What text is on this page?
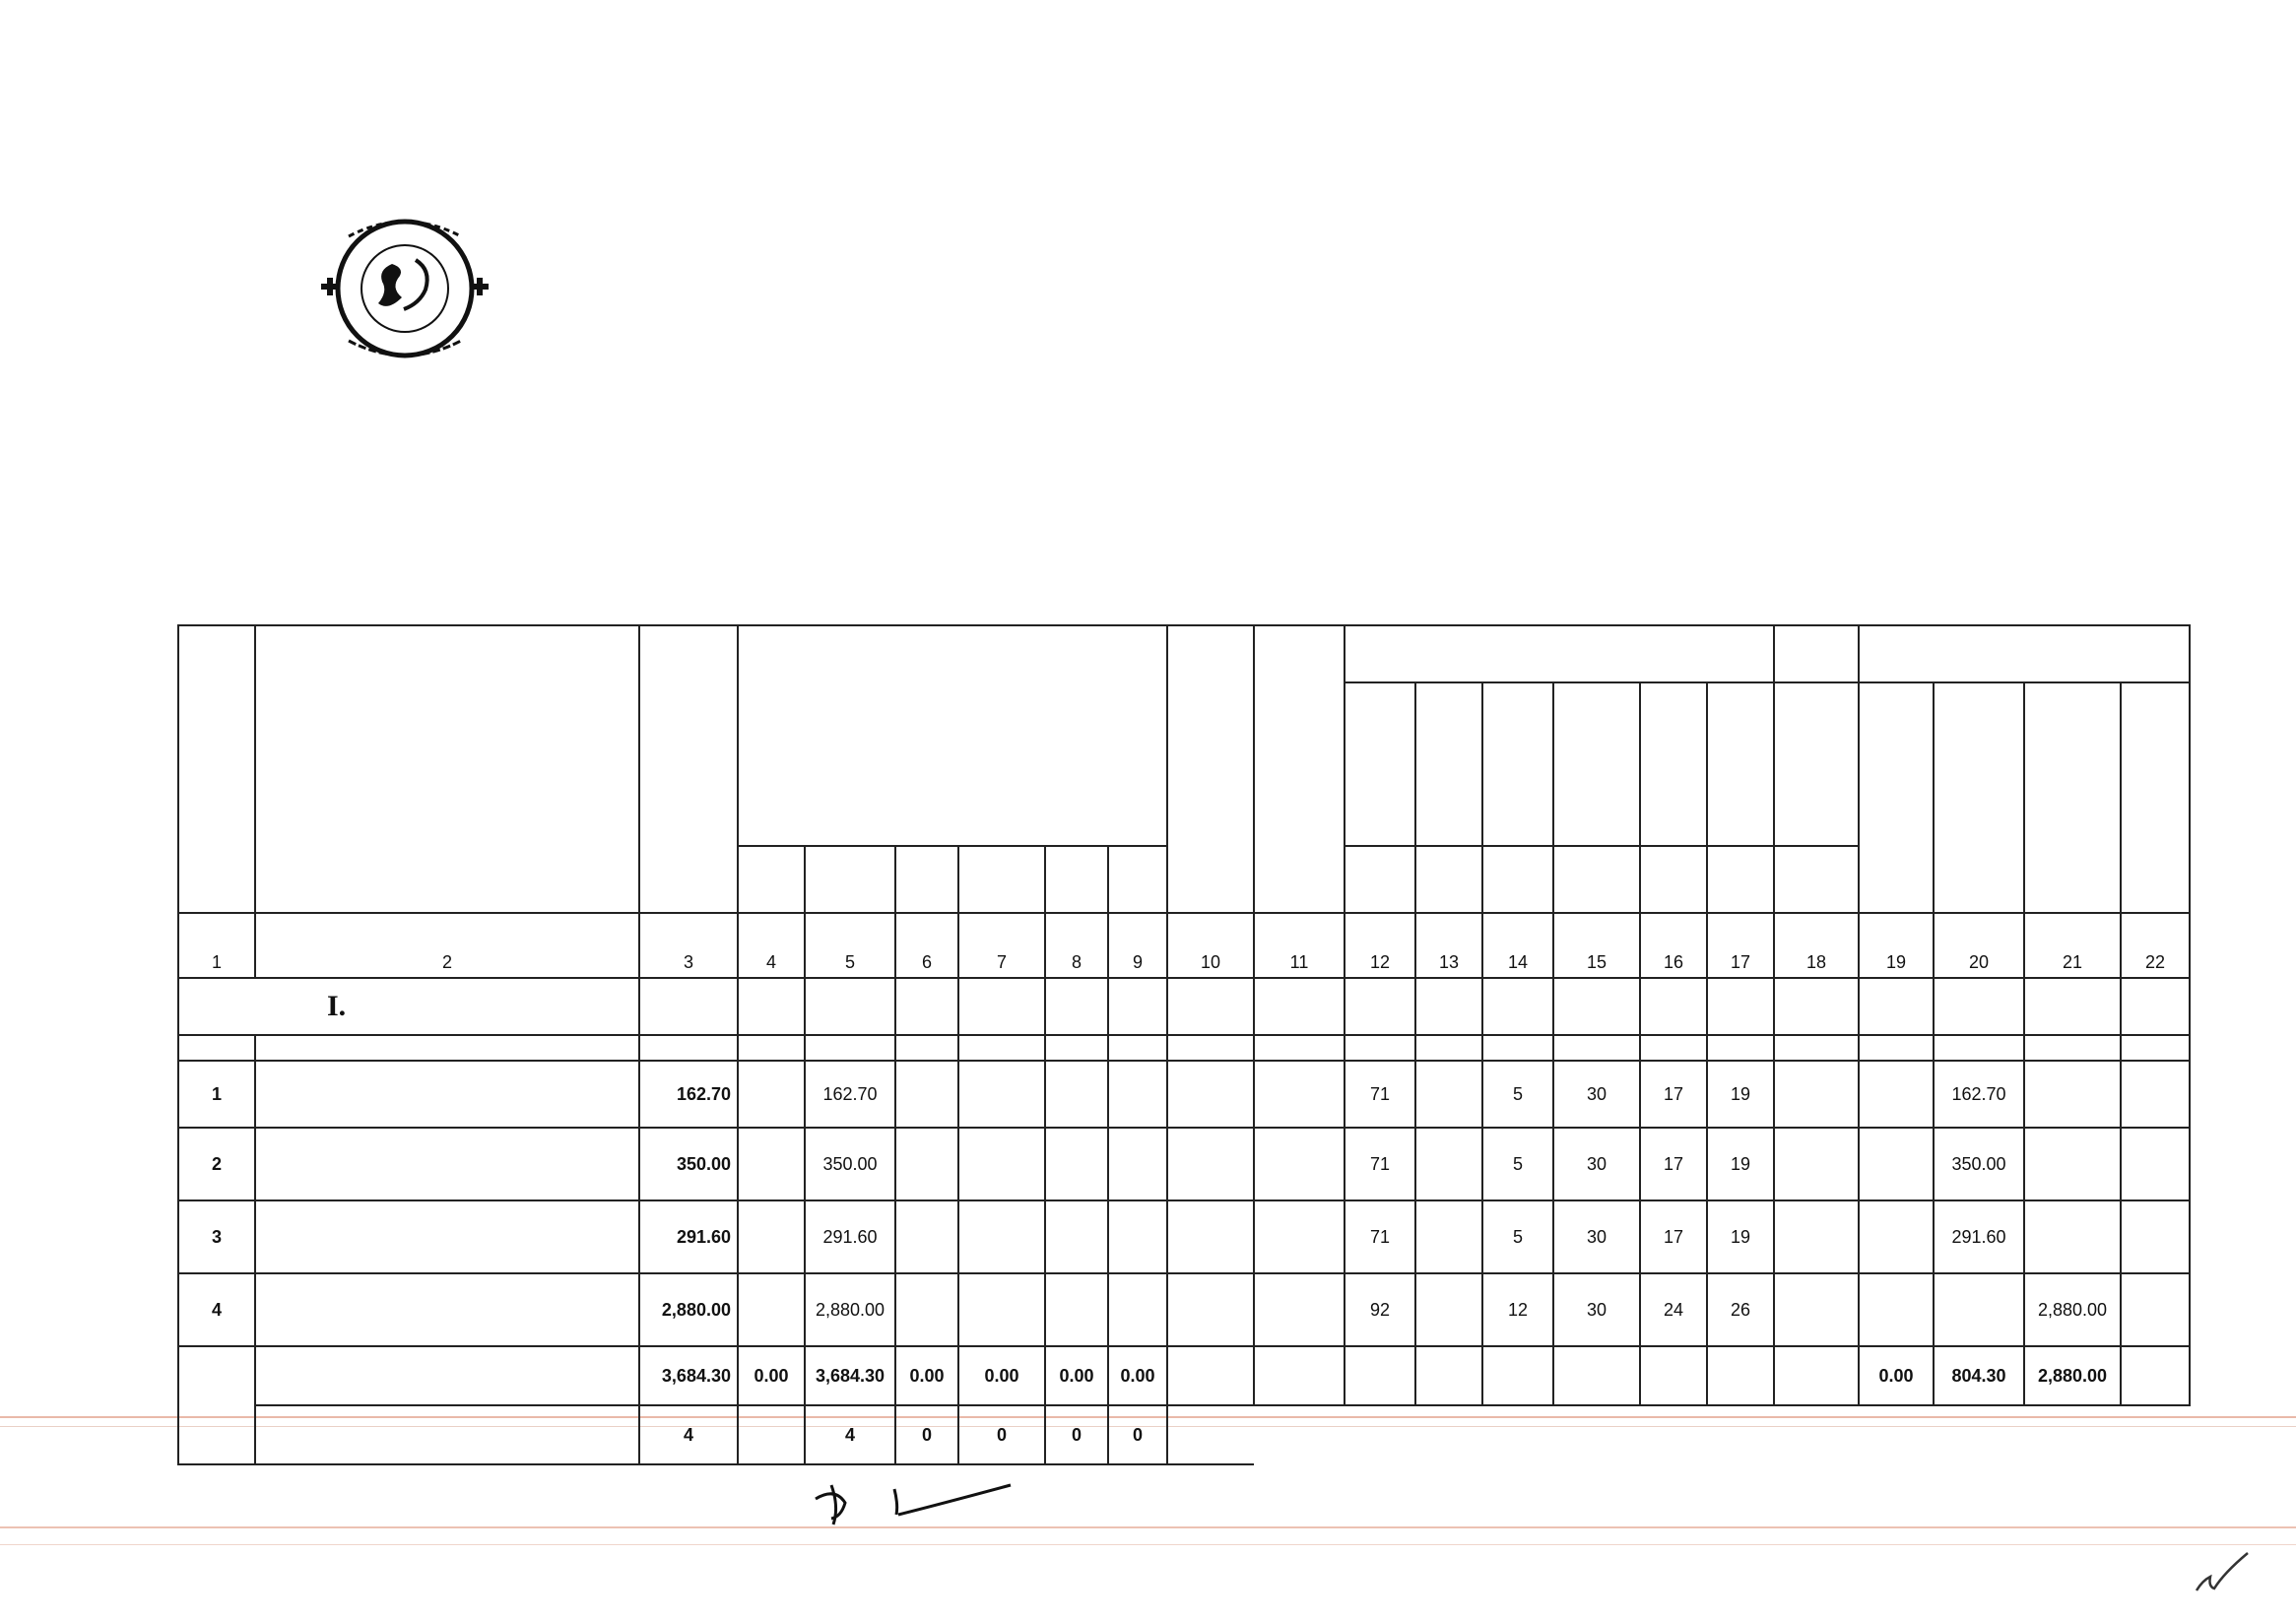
1	2	3	4	5	6	7	8	9	10	11	12	13	14	15	16	17	18	19	20	21	22
I.																					

1		162.70		162.70							71		5	30	17	19			162.70		
2		350.00		350.00							71		5	30	17	19			350.00		
3		291.60		291.60							71		5	30	17	19			291.60		
4		2,880.00		2,880.00							92		12	30	24	26				2,880.00	
		3,684.30	0.00	3,684.30	0.00	0.00	0.00	0.00										0.00	804.30	2,880.00	
		4		4	0	0	0	0													
